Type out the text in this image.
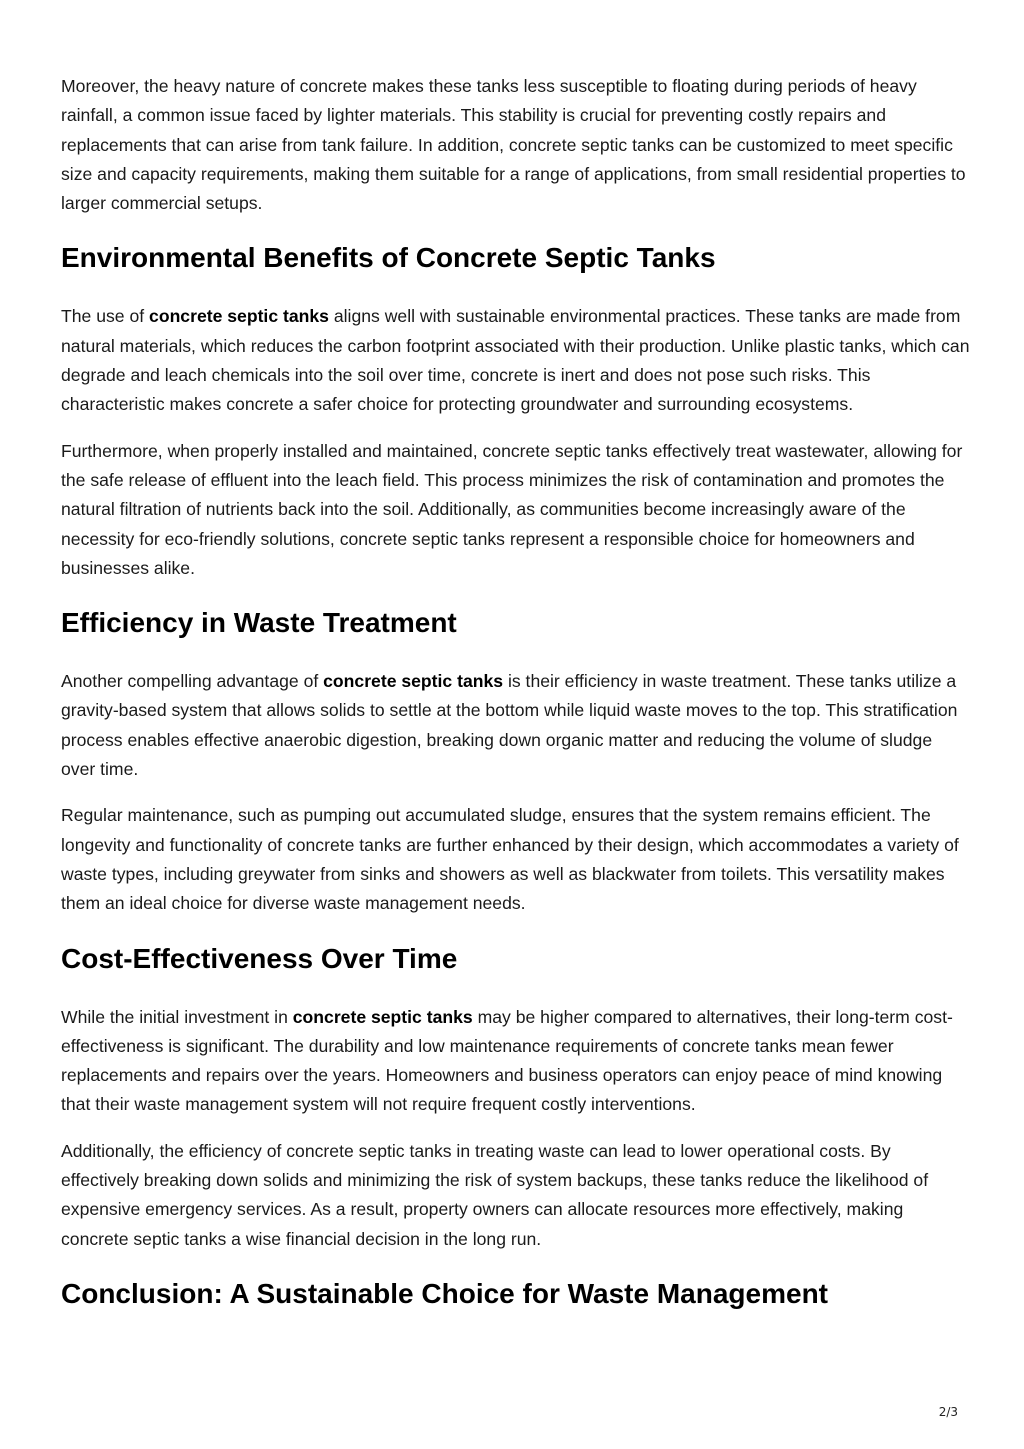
Moreover, the heavy nature of concrete makes these tanks less susceptible to floating during periods of heavy rainfall, a common issue faced by lighter materials. This stability is crucial for preventing costly repairs and replacements that can arise from tank failure. In addition, concrete septic tanks can be customized to meet specific size and capacity requirements, making them suitable for a range of applications, from small residential properties to larger commercial setups.

Environmental Benefits of Concrete Septic Tanks

The use of concrete septic tanks aligns well with sustainable environmental practices. These tanks are made from natural materials, which reduces the carbon footprint associated with their production. Unlike plastic tanks, which can degrade and leach chemicals into the soil over time, concrete is inert and does not pose such risks. This characteristic makes concrete a safer choice for protecting groundwater and surrounding ecosystems.

Furthermore, when properly installed and maintained, concrete septic tanks effectively treat wastewater, allowing for the safe release of effluent into the leach field. This process minimizes the risk of contamination and promotes the natural filtration of nutrients back into the soil. Additionally, as communities become increasingly aware of the necessity for eco-friendly solutions, concrete septic tanks represent a responsible choice for homeowners and businesses alike.

Efficiency in Waste Treatment

Another compelling advantage of concrete septic tanks is their efficiency in waste treatment. These tanks utilize a gravity-based system that allows solids to settle at the bottom while liquid waste moves to the top. This stratification process enables effective anaerobic digestion, breaking down organic matter and reducing the volume of sludge over time.

Regular maintenance, such as pumping out accumulated sludge, ensures that the system remains efficient. The longevity and functionality of concrete tanks are further enhanced by their design, which accommodates a variety of waste types, including greywater from sinks and showers as well as blackwater from toilets. This versatility makes them an ideal choice for diverse waste management needs.

Cost-Effectiveness Over Time

While the initial investment in concrete septic tanks may be higher compared to alternatives, their long-term cost-effectiveness is significant. The durability and low maintenance requirements of concrete tanks mean fewer replacements and repairs over the years. Homeowners and business operators can enjoy peace of mind knowing that their waste management system will not require frequent costly interventions.

Additionally, the efficiency of concrete septic tanks in treating waste can lead to lower operational costs. By effectively breaking down solids and minimizing the risk of system backups, these tanks reduce the likelihood of expensive emergency services. As a result, property owners can allocate resources more effectively, making concrete septic tanks a wise financial decision in the long run.

Conclusion: A Sustainable Choice for Waste Management
2/3
